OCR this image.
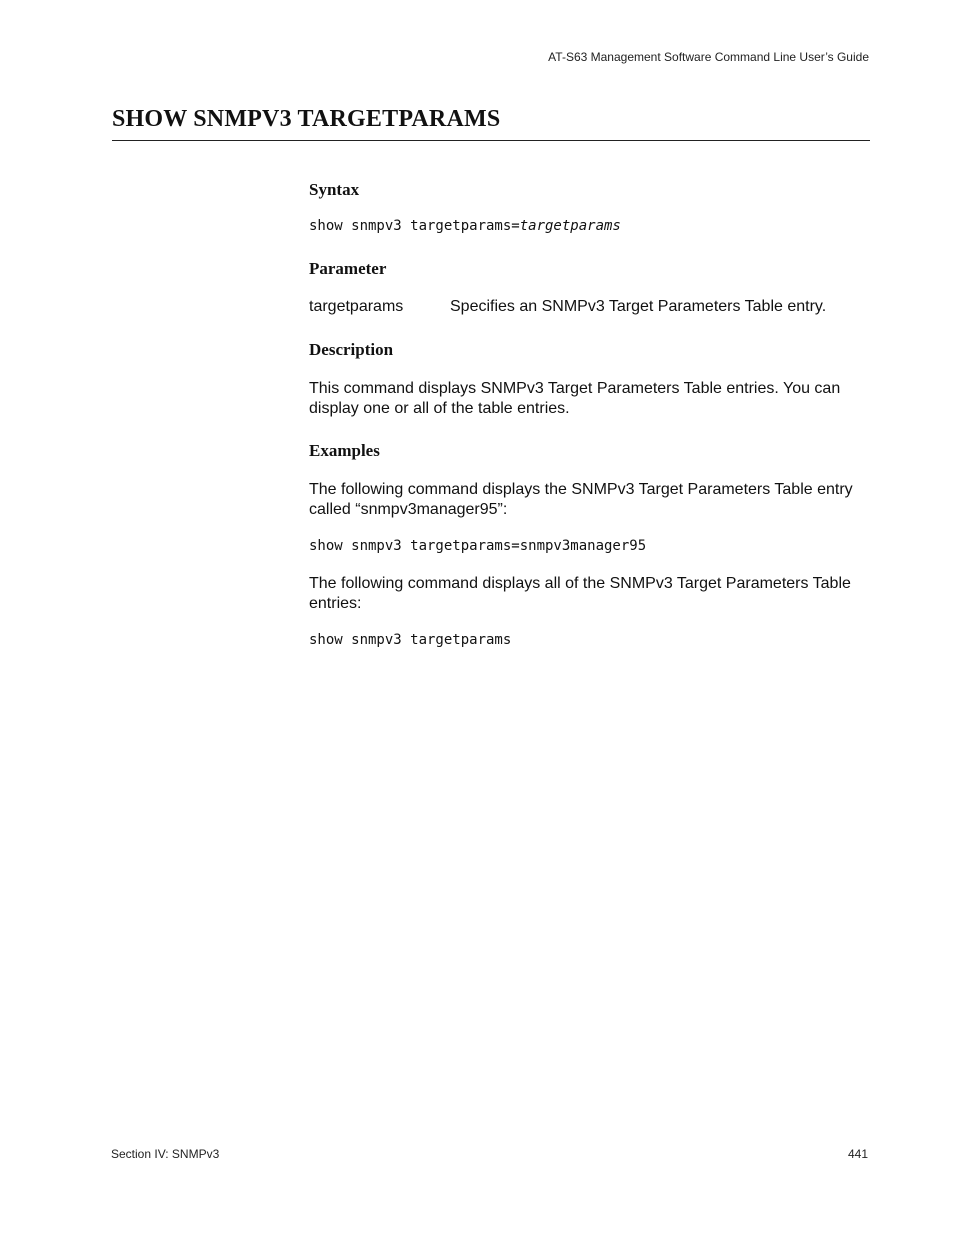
AT-S63 Management Software Command Line User’s Guide
SHOW SNMPV3 TARGETPARAMS
Syntax
show snmpv3 targetparams=targetparams
Parameter
targetparams	Specifies an SNMPv3 Target Parameters Table entry.
Description

This command displays SNMPv3 Target Parameters Table entries. You can display one or all of the table entries.

Examples

The following command displays the SNMPv3 Target Parameters Table entry called “snmpv3manager95”:

show snmpv3 targetparams=snmpv3manager95

The following command displays all of the SNMPv3 Target Parameters Table entries:

show snmpv3 targetparams
Section IV: SNMPv3	441
